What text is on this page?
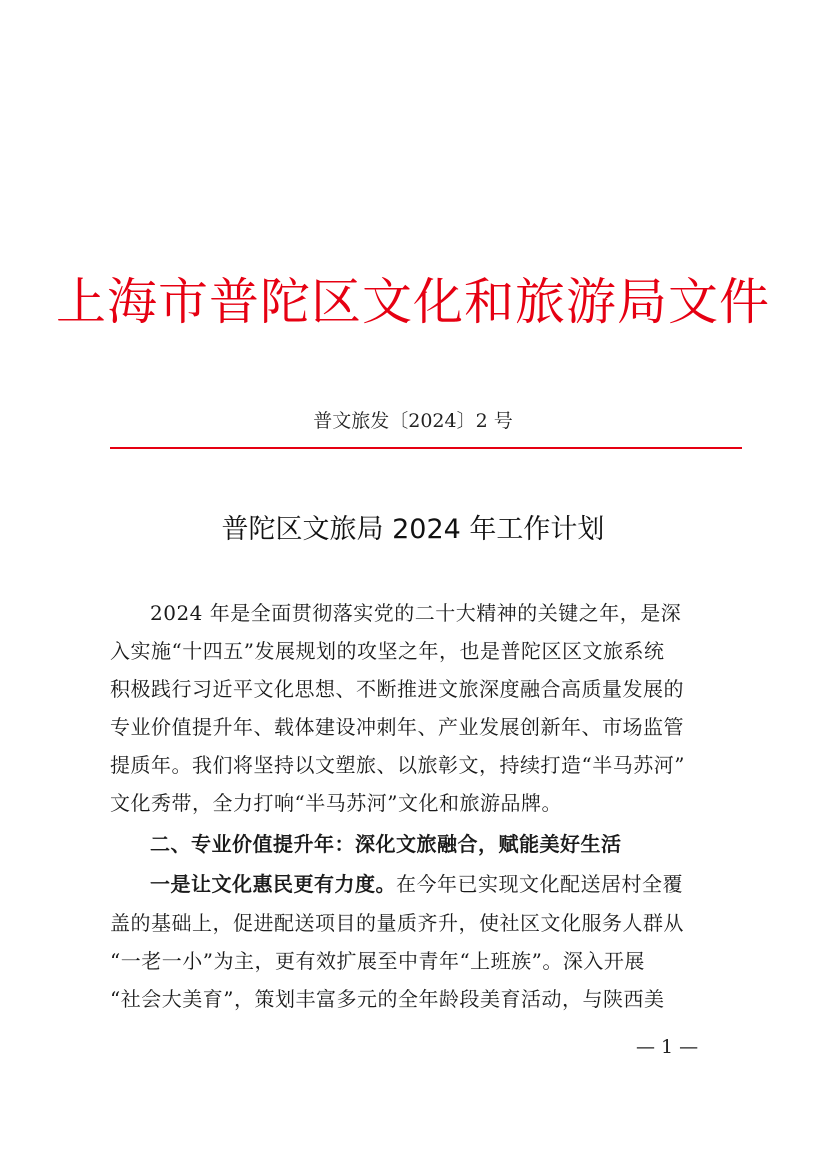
上海市普陀区文化和旅游局文件
普文旅发〔2024〕2 号
普陀区文旅局 2024 年工作计划
2024 年是全面贯彻落实党的二十大精神的关键之年，是深
入实施“十四五”发展规划的攻坚之年，也是普陀区区文旅系统
积极践行习近平文化思想、不断推进文旅深度融合高质量发展的
专业价值提升年、载体建设冲刺年、产业发展创新年、市场监管
提质年。我们将坚持以文塑旅、以旅彰文，持续打造“半马苏河”
文化秀带，全力打响“半马苏河”文化和旅游品牌。
二、专业价值提升年：深化文旅融合，赋能美好生活
一是让文化惠民更有力度。在今年已实现文化配送居村全覆
盖的基础上，促进配送项目的量质齐升，使社区文化服务人群从
“一老一小”为主，更有效扩展至中青年“上班族”。深入开展
“社会大美育”，策划丰富多元的全年龄段美育活动，与陕西美
— 1 —
